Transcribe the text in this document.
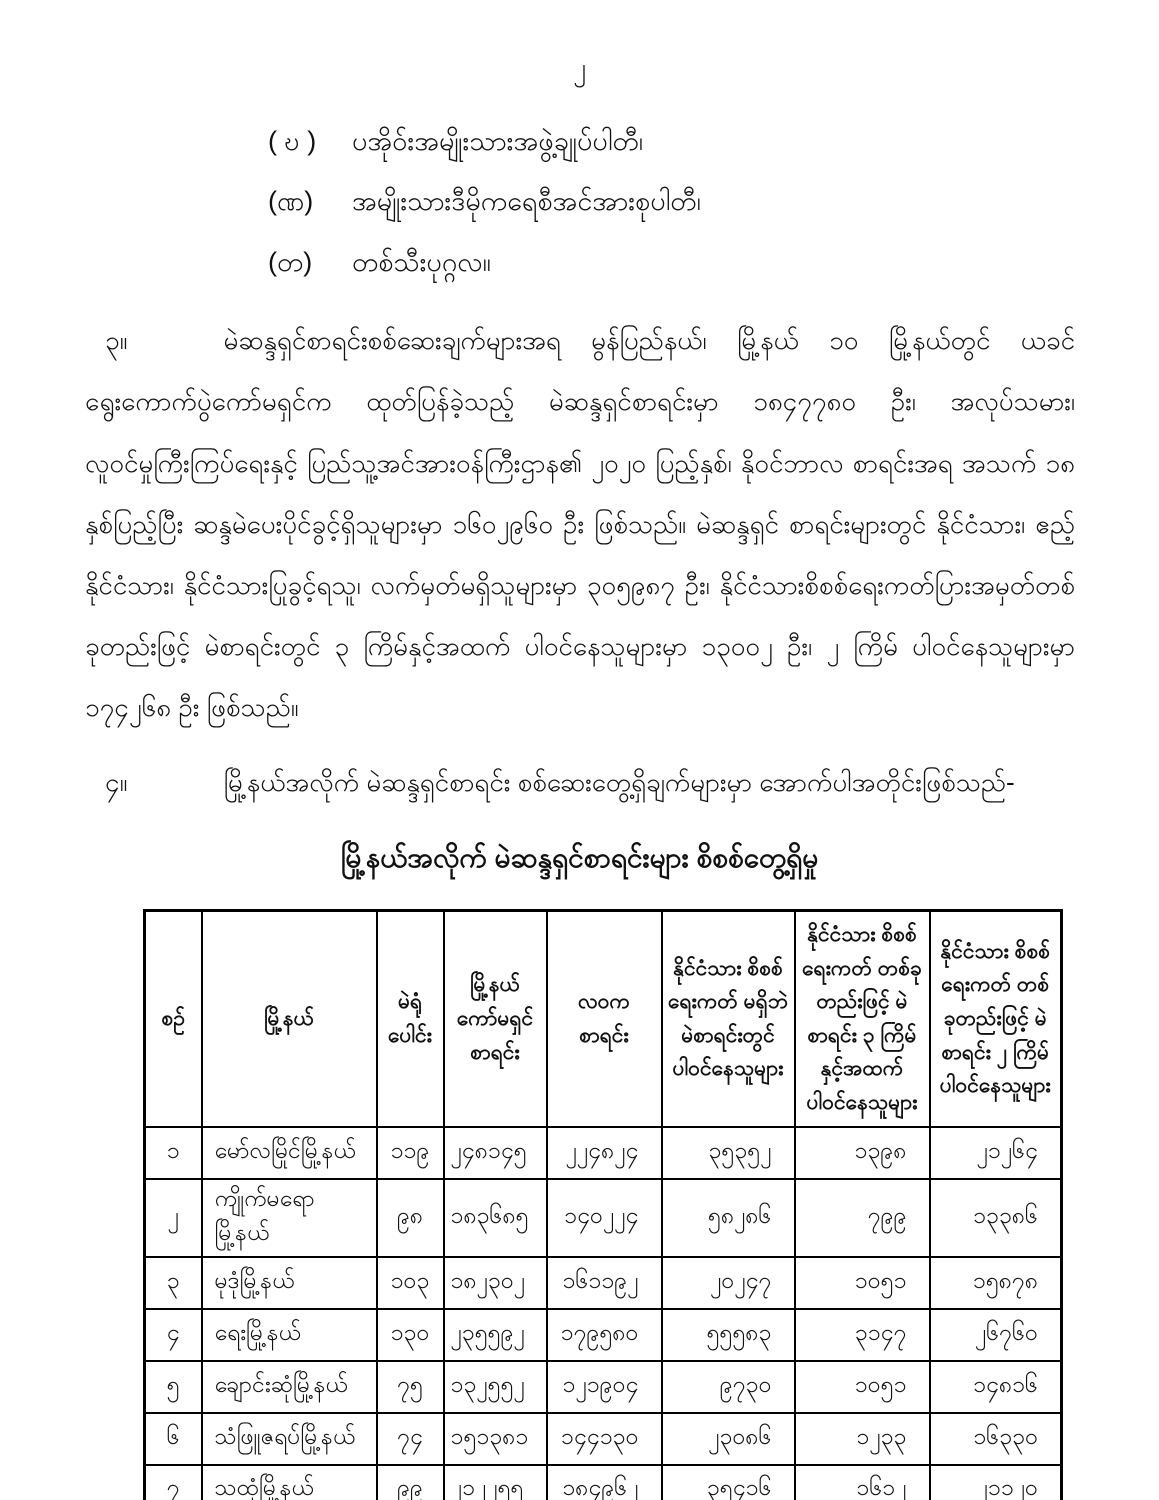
၂
( ဎ )	ပအိုဝ်းအမျိုးသားအဖွဲ့ချုပ်ပါတီ၊
(ဏ)	အမျိုးသားဒီမိုကရေစီအင်အားစုပါတီ၊
(တ)	တစ်သီးပုဂ္ဂလ။

၃။	မဲဆန္ဒရှင်စာရင်းစစ်ဆေးချက်များအရ မွန်ပြည်နယ်၊ မြို့နယ် ၁၀ မြို့နယ်တွင် ယခင် ရွေးကောက်ပွဲကော်မရှင်က ထုတ်ပြန်ခဲ့သည့် မဲဆန္ဒရှင်စာရင်းမှာ ၁၈၄၇၇၈၀ ဦး၊ အလုပ်သမား၊ လူဝင်မှုကြီးကြပ်ရေးနှင့် ပြည်သူ့အင်အားဝန်ကြီးဌာန၏ ၂၀၂၀ ပြည့်နှစ်၊ နိုဝင်ဘာလ စာရင်းအရ အသက် ၁၈ နှစ်ပြည့်ပြီး ဆန္ဒမဲပေးပိုင်ခွင့်ရှိသူများမှာ ၁၆၀၂၉၆၀ ဦး ဖြစ်သည်။ မဲဆန္ဒရှင် စာရင်းများတွင် နိုင်ငံသား၊ ဧည့်နိုင်ငံသား၊ နိုင်ငံသားပြုခွင့်ရသူ၊ လက်မှတ်မရှိသူများမှာ ၃၀၅၉၈၇ ဦး၊ နိုင်ငံသားစိစစ်ရေးကတ်ပြားအမှတ်တစ်ခုတည်းဖြင့် မဲစာရင်းတွင် ၃ ကြိမ်နှင့်အထက် ပါဝင်နေသူများမှာ ၁၃၀၀၂ ဦး၊ ၂ ကြိမ် ပါဝင်နေသူများမှာ ၁၇၄၂၆၈ ဦး ဖြစ်သည်။

၄။	မြို့နယ်အလိုက် မဲဆန္ဒရှင်စာရင်း စစ်ဆေးတွေ့ရှိချက်များမှာ အောက်ပါအတိုင်းဖြစ်သည်-

မြို့နယ်အလိုက် မဲဆန္ဒရှင်စာရင်းများ စိစစ်တွေ့ရှိမှု
စဉ်	မြို့နယ်	မဲရုံ ပေါင်း	မြို့နယ် ကော်မရှင် စာရင်း	လဝက စာရင်း	နိုင်ငံသား စိစစ်ရေးကတ် မရှိဘဲ မဲစာရင်းတွင် ပါဝင်နေသူများ	နိုင်ငံသား စိစစ်ရေးကတ် တစ်ခုတည်းဖြင့် မဲစာရင်း ၃ ကြိမ် နှင့်အထက် ပါဝင်နေသူများ	နိုင်ငံသား စိစစ်ရေးကတ် တစ်ခုတည်းဖြင့် မဲစာရင်း ၂ ကြိမ် ပါဝင်နေသူများ
၁	မော်လမြိုင်မြို့နယ်	၁၁၉	၂၄၈၁၄၅	၂၂၄၈၂၄	၃၅၃၅၂	၁၃၉၈	၂၁၂၆၄
၂	ကျိုက်မရောမြို့နယ်	၉၈	၁၈၃၆၈၅	၁၄၀၂၂၄	၅၈၂၈၆	၇၉၉	၁၃၃၈၆
၃	မုဒုံမြို့နယ်	၁၀၃	၁၈၂၃၀၂	၁၆၁၁၉၂	၂၀၂၄၇	၁၀၅၁	၁၅၈၇၈
၄	ရေးမြို့နယ်	၁၃၀	၂၃၅၅၉၂	၁၇၉၅၈၀	၅၅၅၈၃	၃၁၄၇	၂၆၇၆၀
၅	ချောင်းဆုံမြို့နယ်	၇၅	၁၃၂၅၅၂	၁၂၁၉၀၄	၉၇၃၀	၁၀၅၁	၁၄၈၁၆
၆	သံဖြူဇရပ်မြို့နယ်	၇၄	၁၅၁၃၈၁	၁၄၄၁၃၀	၂၃၀၈၆	၁၂၃၃	၁၆၃၃၀
၇	သထုံမြို့နယ်	၉၉	၂၁၂၂၅၅	၁၈၄၉၆၂	၃၅၄၁၆	၁၆၁၂	၂၁၁၂၀
